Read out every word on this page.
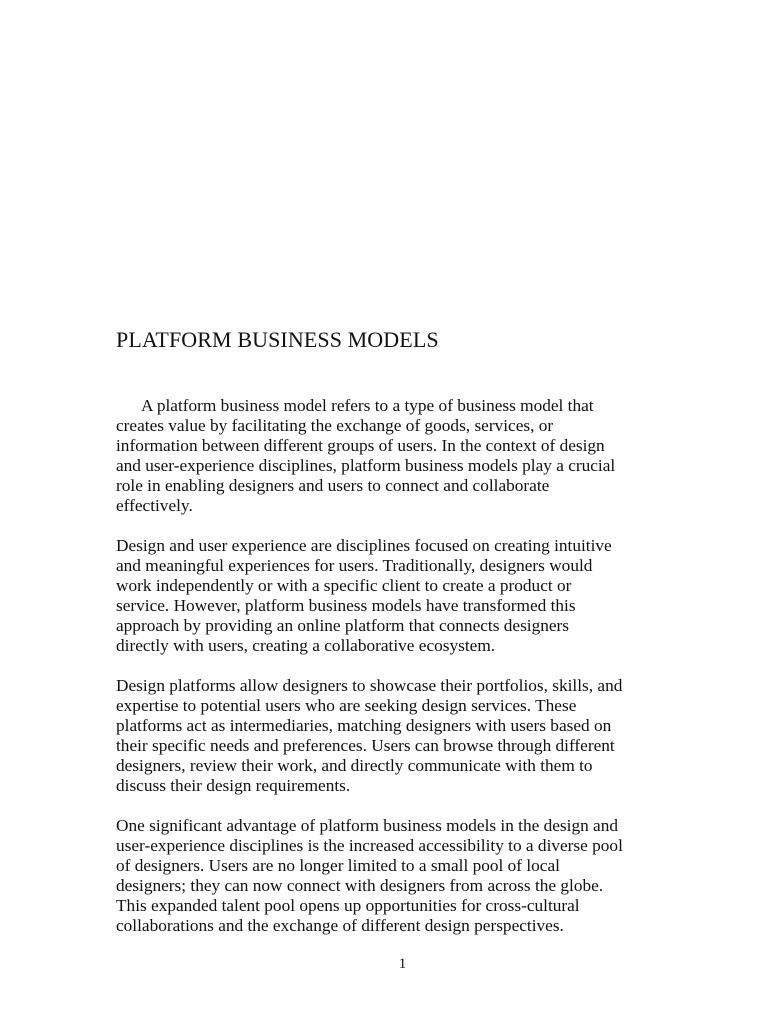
PLATFORM BUSINESS MODELS

A platform business model refers to a type of business model that
creates value by facilitating the exchange of goods, services, or
information between different groups of users. In the context of design
and user-experience disciplines, platform business models play a crucial
role in enabling designers and users to connect and collaborate
effectively.

Design and user experience are disciplines focused on creating intuitive
and meaningful experiences for users. Traditionally, designers would
work independently or with a specific client to create a product or
service. However, platform business models have transformed this
approach by providing an online platform that connects designers
directly with users, creating a collaborative ecosystem.

Design platforms allow designers to showcase their portfolios, skills, and
expertise to potential users who are seeking design services. These
platforms act as intermediaries, matching designers with users based on
their specific needs and preferences. Users can browse through different
designers, review their work, and directly communicate with them to
discuss their design requirements.

One significant advantage of platform business models in the design and
user-experience disciplines is the increased accessibility to a diverse pool
of designers. Users are no longer limited to a small pool of local
designers; they can now connect with designers from across the globe.
This expanded talent pool opens up opportunities for cross-cultural
collaborations and the exchange of different design perspectives.

1
